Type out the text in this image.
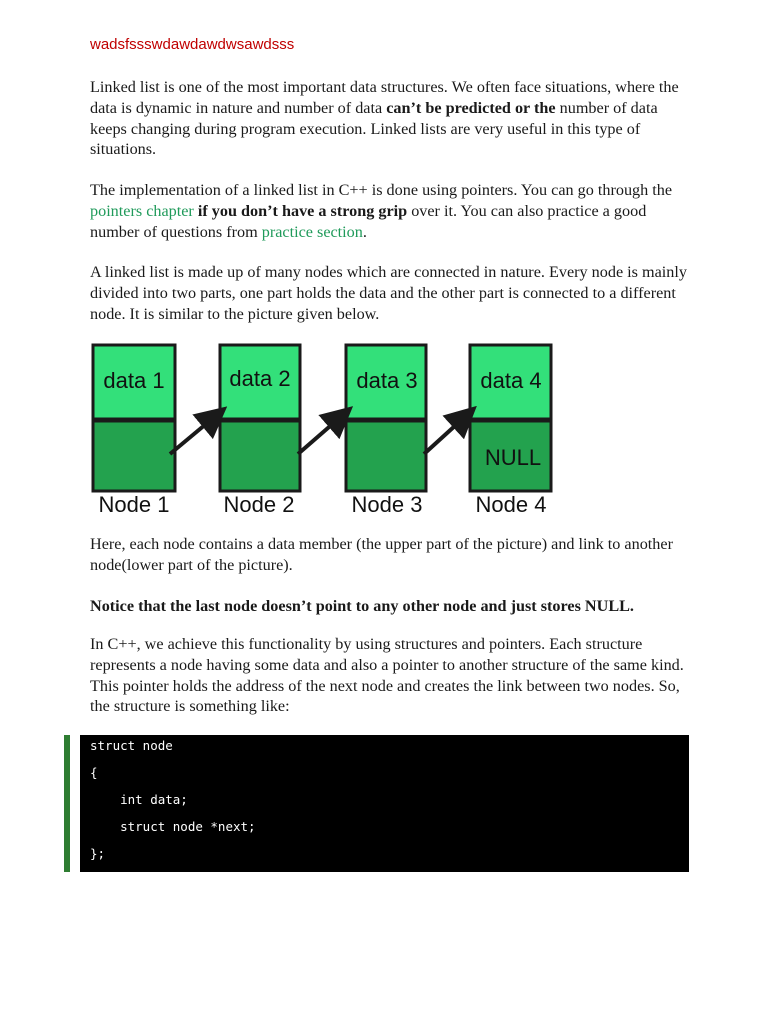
wadsfssswdawdawdwsawdsss

Linked list is one of the most important data structures. We often face situations, where the data is dynamic in nature and number of data can’t be predicted or the number of data keeps changing during program execution. Linked lists are very useful in this type of situations.

The implementation of a linked list in C++ is done using pointers. You can go through the pointers chapter if you don’t have a strong grip over it. You can also practice a good number of questions from practice section.

A linked list is made up of many nodes which are connected in nature. Every node is mainly divided into two parts, one part holds the data and the other part is connected to a different node. It is similar to the picture given below.

data 1
Node 1
data 2
Node 2
data 3
Node 3
data 4
NULL
Node 4

Here, each node contains a data member (the upper part of the picture) and link to another node(lower part of the picture).

Notice that the last node doesn’t point to any other node and just stores NULL.

In C++, we achieve this functionality by using structures and pointers. Each structure represents a node having some data and also a pointer to another structure of the same kind. This pointer holds the address of the next node and creates the link between two nodes. So, the structure is something like:

struct node
{
int data;
struct node *next;
};
